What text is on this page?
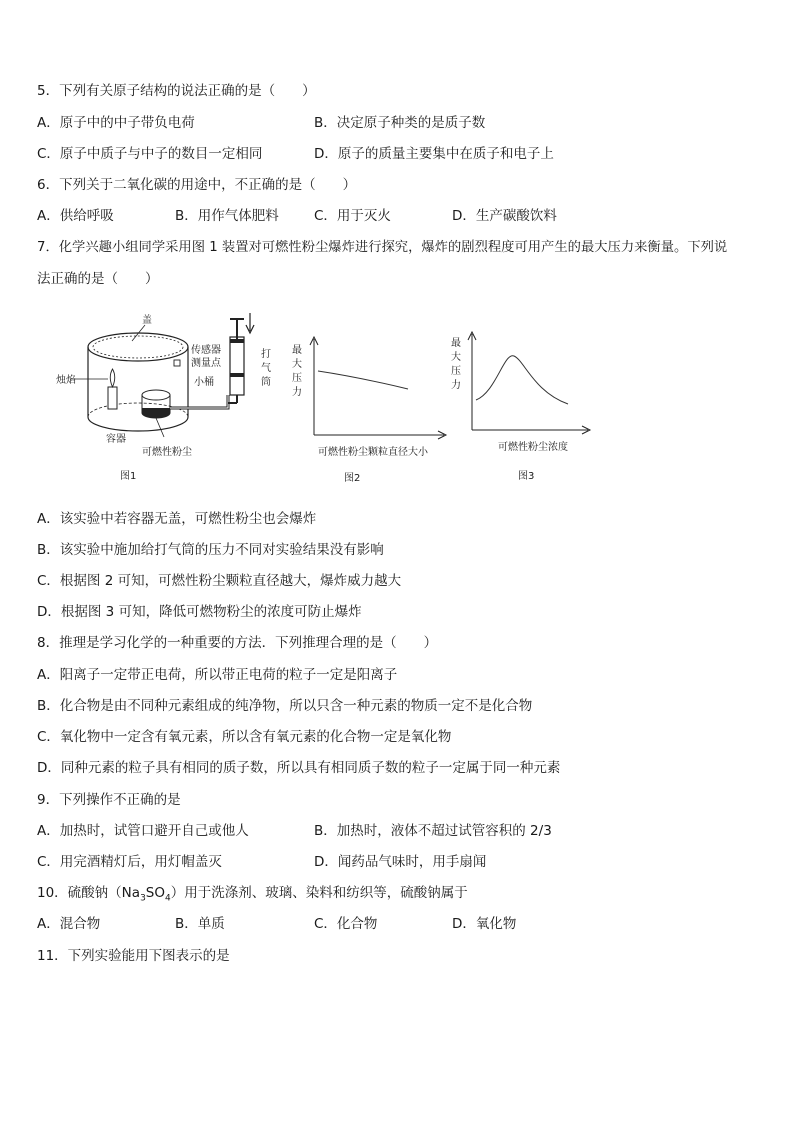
5．下列有关原子结构的说法正确的是（　　）
A．原子中的中子带负电荷	B．决定原子种类的是质子数
C．原子中质子与中子的数目一定相同	D．原子的质量主要集中在质子和电子上
6．下列关于二氧化碳的用途中，不正确的是（　　）
A．供给呼吸	B．用作气体肥料	C．用于灭火	D．生产碳酸饮料
7．化学兴趣小组同学采用图 1 装置对可燃性粉尘爆炸进行探究，爆炸的剧烈程度可用产生的最大压力来衡量。下列说
法正确的是（　　）
盖
烛焰
传感器
测量点
小桶
打
气
筒
容器
可燃性粉尘
图1
最
大
压
力
可燃性粉尘颗粒直径大小
图2
最
大
压
力
可燃性粉尘浓度
图3
A．该实验中若容器无盖，可燃性粉尘也会爆炸
B．该实验中施加给打气筒的压力不同对实验结果没有影响
C．根据图 2 可知，可燃性粉尘颗粒直径越大，爆炸威力越大
D．根据图 3 可知，降低可燃物粉尘的浓度可防止爆炸
8．推理是学习化学的一种重要的方法．下列推理合理的是（　　）
A．阳离子一定带正电荷，所以带正电荷的粒子一定是阳离子
B．化合物是由不同种元素组成的纯净物，所以只含一种元素的物质一定不是化合物
C．氧化物中一定含有氧元素，所以含有氧元素的化合物一定是氧化物
D．同种元素的粒子具有相同的质子数，所以具有相同质子数的粒子一定属于同一种元素
9．下列操作不正确的是
A．加热时，试管口避开自己或他人	B．加热时，液体不超过试管容积的 2/3
C．用完酒精灯后，用灯帽盖灭	D．闻药品气味时，用手扇闻
10．硫酸钠$(Na_3SO_4)$用于洗涤剂、玻璃、染料和纺织等，硫酸钠属于
A．混合物	B．单质	C．化合物	D．氧化物
11．下列实验能用下图表示的是
